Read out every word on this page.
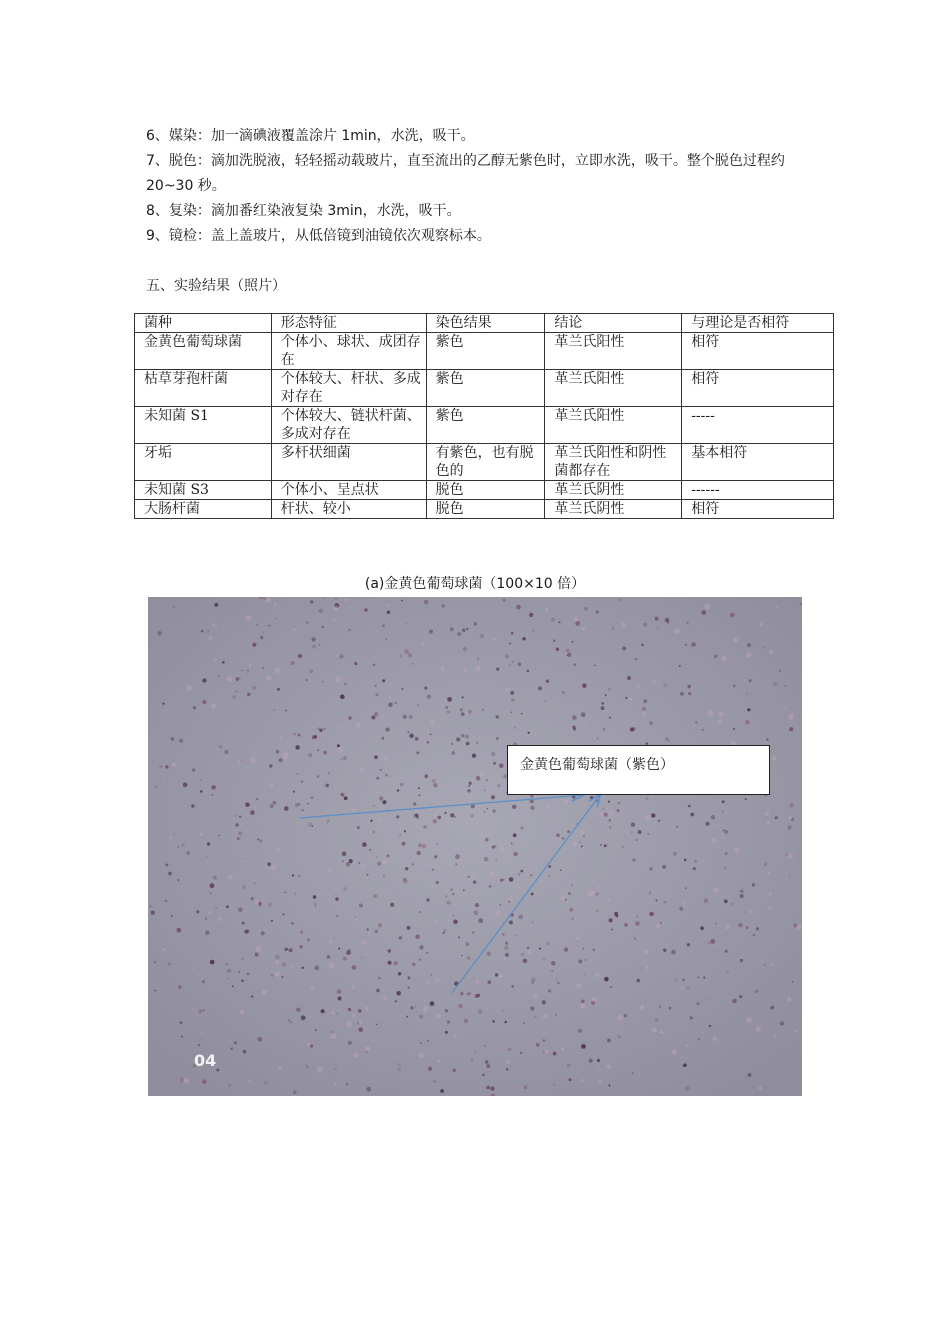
6、媒染：加一滴碘液覆盖涂片 1min，水洗，吸干。

7、脱色：滴加洗脱液，轻轻摇动载玻片，直至流出的乙醇无紫色时，立即水洗，吸干。整个脱色过程约 20~30 秒。

8、复染：滴加番红染液复染 3min，水洗，吸干。

9、镜检：盖上盖玻片，从低倍镜到油镜依次观察标本。

五、实验结果（照片）
菌种	形态特征	染色结果	结论	与理论是否相符
金黄色葡萄球菌	个体小、球状、成团存在	紫色	革兰氏阳性	相符
枯草芽孢杆菌	个体较大、杆状、多成对存在	紫色	革兰氏阳性	相符
未知菌 S1	个体较大、链状杆菌、多成对存在	紫色	革兰氏阳性	-----
牙垢	多杆状细菌	有紫色，也有脱色的	革兰氏阳性和阴性菌都存在	基本相符
未知菌 S3	个体小、呈点状	脱色	革兰氏阴性	------
大肠杆菌	杆状、较小	脱色	革兰氏阴性	相符
(a)金黄色葡萄球菌（100×10 倍）
04
金黄色葡萄球菌（紫色）
